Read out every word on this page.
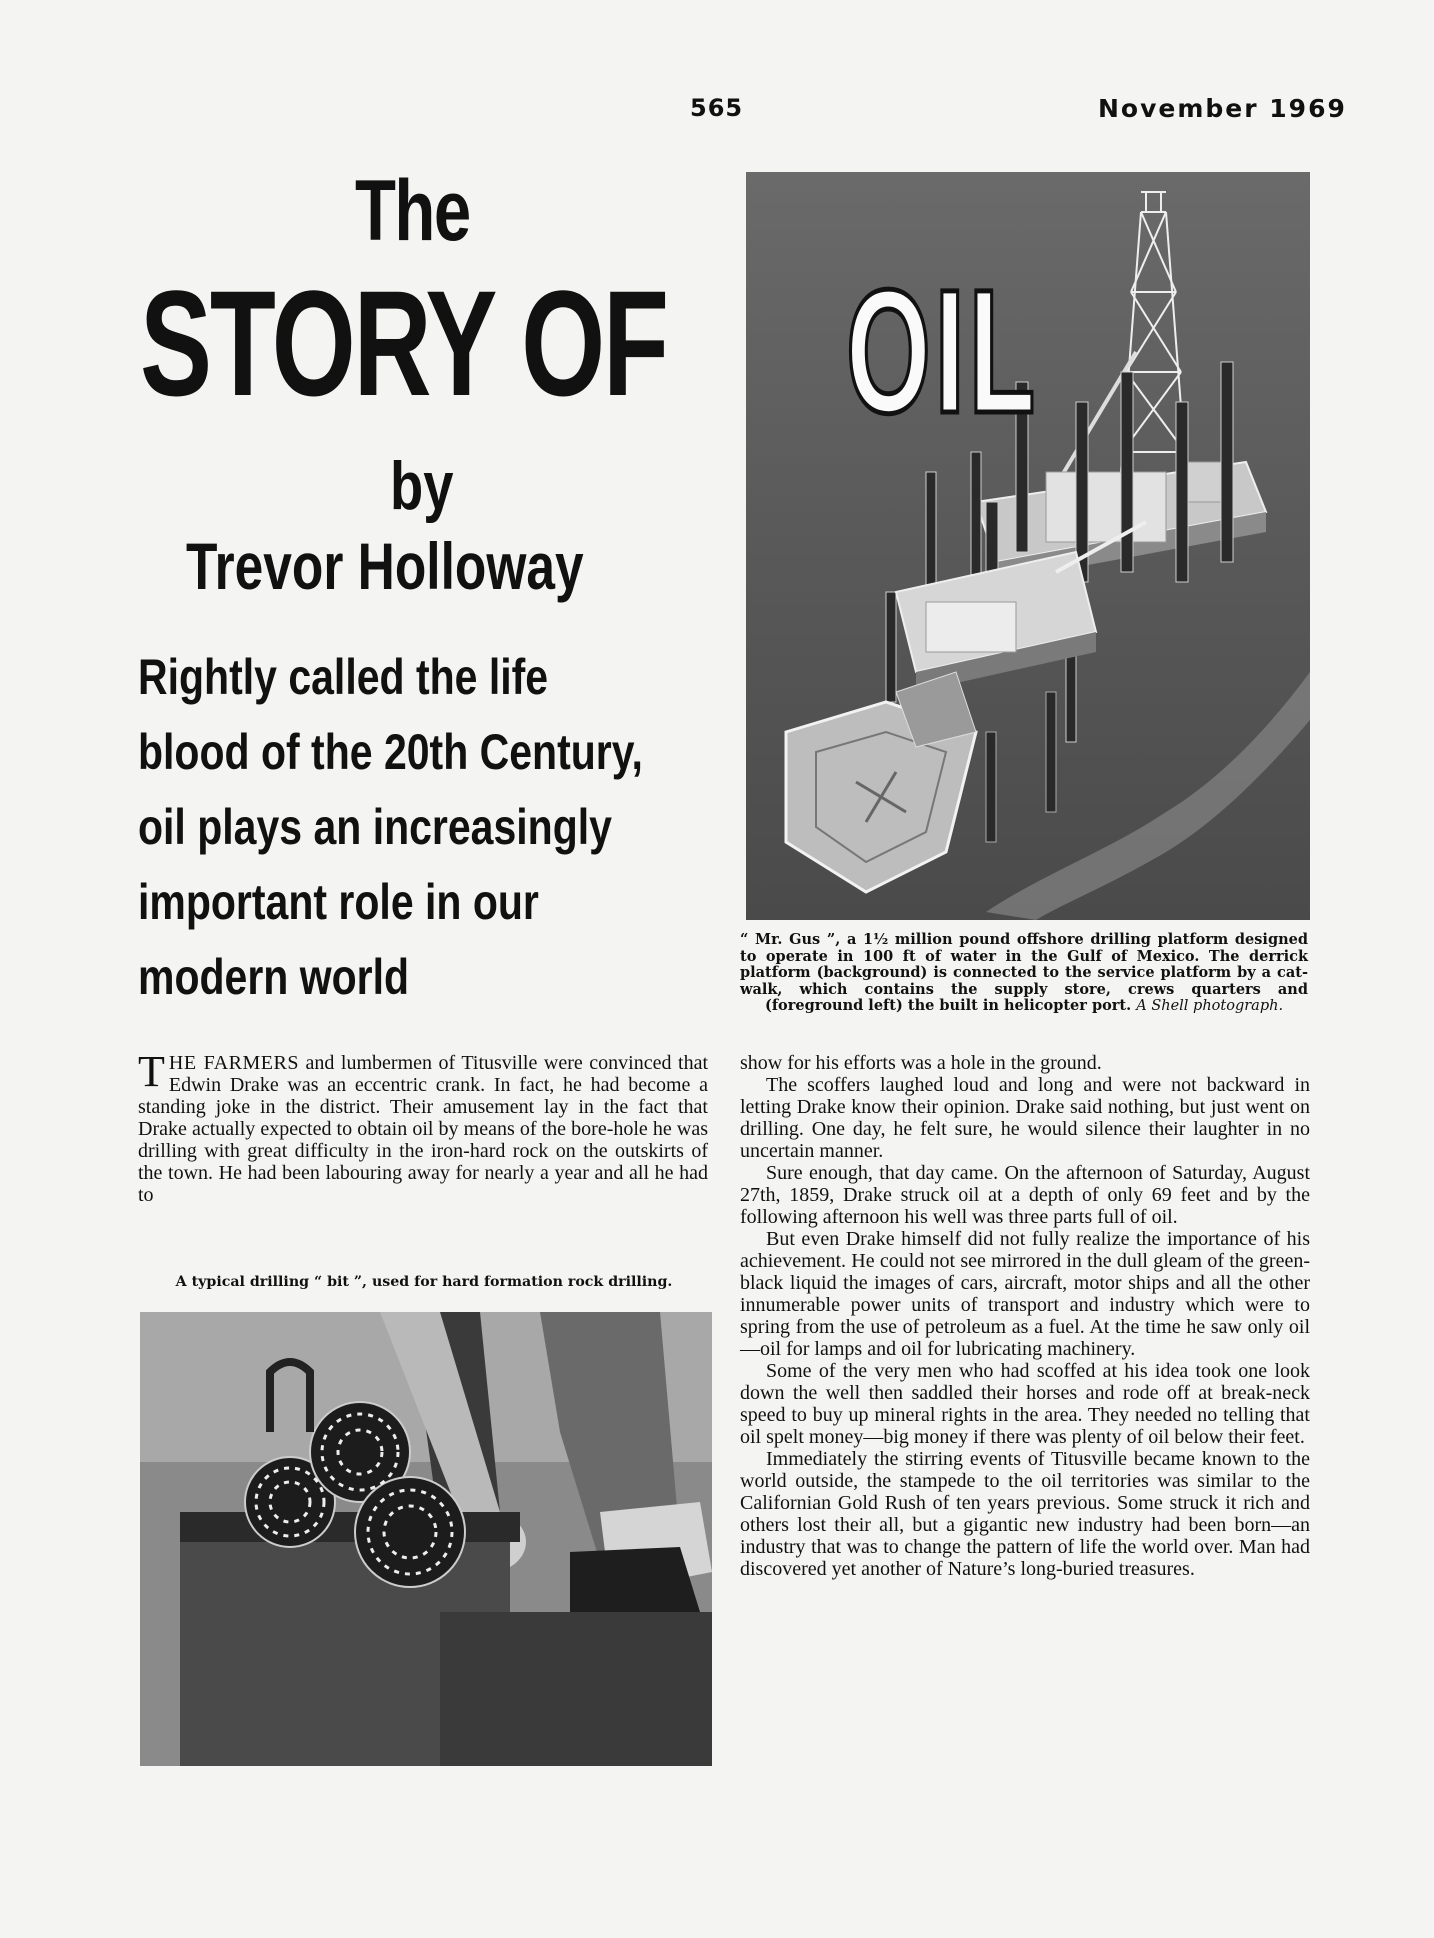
565	November 1969
The
STORY OF
by
Trevor Holloway
Rightly called the life
blood of the 20th Century,
oil plays an increasingly
important role in our
modern world
OIL
“ Mr. Gus ”, a 1½ million pound offshore drilling platform designed to operate in 100 ft of water in the Gulf of Mexico. The derrick platform (background) is connected to the service platform by a cat-walk, which contains the supply store, crews quarters and (foreground left) the built in helicopter port. A Shell photograph.

THE FARMERS and lumbermen of Titusville were convinced that Edwin Drake was an eccentric crank. In fact, he had become a standing joke in the district. Their amusement lay in the fact that Drake actually expected to obtain oil by means of the bore-hole he was drilling with great difficulty in the iron-hard rock on the outskirts of the town. He had been labouring away for nearly a year and all he had to

A typical drilling “ bit ”, used for hard formation rock drilling.

show for his efforts was a hole in the ground.

The scoffers laughed loud and long and were not backward in letting Drake know their opinion. Drake said nothing, but just went on drilling. One day, he felt sure, he would silence their laughter in no uncertain manner.

Sure enough, that day came. On the afternoon of Saturday, August 27th, 1859, Drake struck oil at a depth of only 69 feet and by the following afternoon his well was three parts full of oil.

But even Drake himself did not fully realize the importance of his achievement. He could not see mirrored in the dull gleam of the green-black liquid the images of cars, aircraft, motor ships and all the other innumerable power units of transport and industry which were to spring from the use of petroleum as a fuel. At the time he saw only oil—oil for lamps and oil for lubricating machinery.

Some of the very men who had scoffed at his idea took one look down the well then saddled their horses and rode off at break-neck speed to buy up mineral rights in the area. They needed no telling that oil spelt money—big money if there was plenty of oil below their feet.

Immediately the stirring events of Titusville became known to the world outside, the stampede to the oil territories was similar to the Californian Gold Rush of ten years previous. Some struck it rich and others lost their all, but a gigantic new industry had been born—an industry that was to change the pattern of life the world over. Man had discovered yet another of Nature’s long-buried treasures.
